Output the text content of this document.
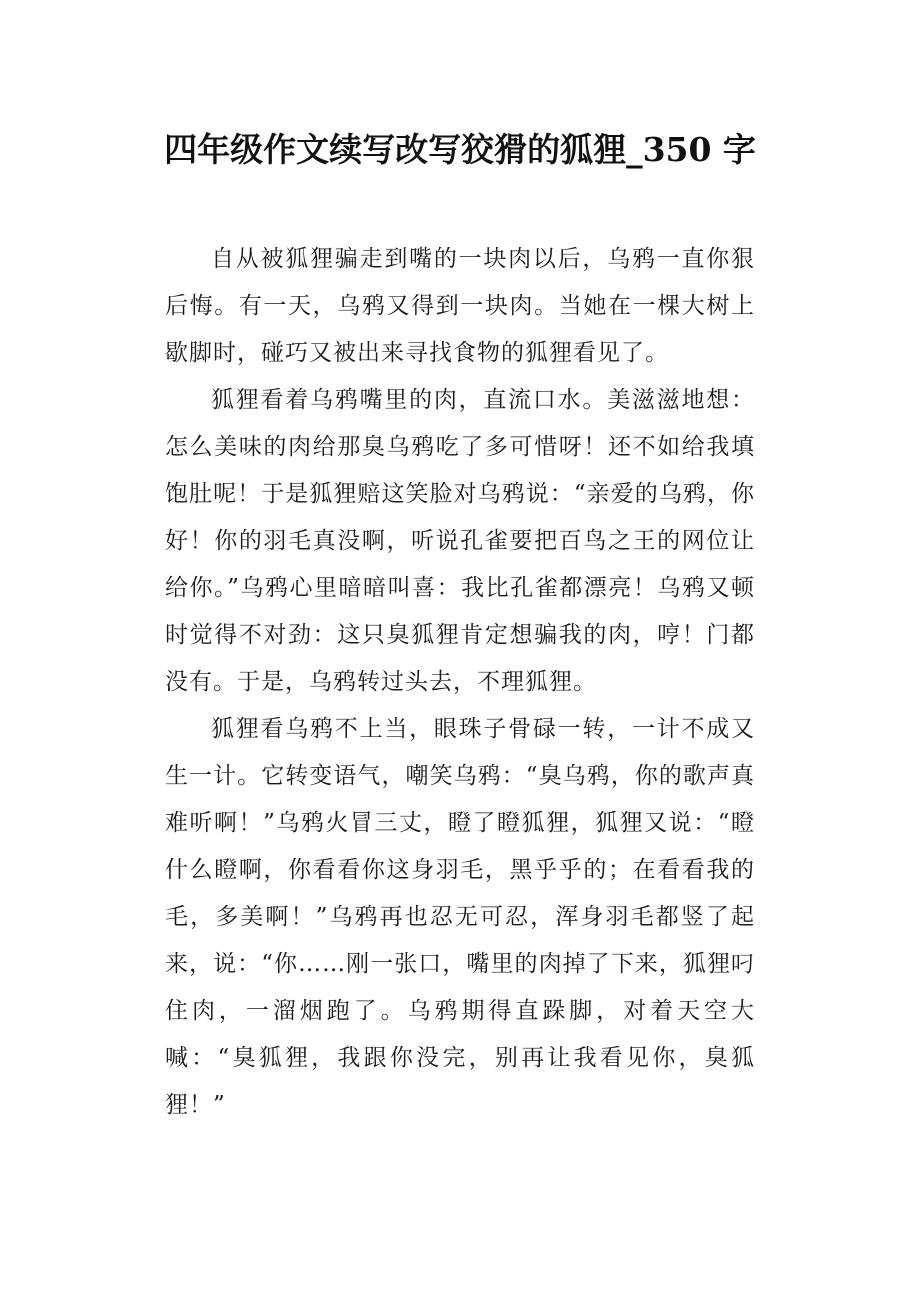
四年级作文续写改写狡猾的狐狸_350 字

自从被狐狸骗走到嘴的一块肉以后，乌鸦一直你狠后悔。有一天，乌鸦又得到一块肉。当她在一棵大树上歇脚时，碰巧又被出来寻找食物的狐狸看见了。

狐狸看着乌鸦嘴里的肉，直流口水。美滋滋地想：怎么美味的肉给那臭乌鸦吃了多可惜呀！还不如给我填饱肚呢！于是狐狸赔这笑脸对乌鸦说：“亲爱的乌鸦，你好！你的羽毛真没啊，听说孔雀要把百鸟之王的网位让给你。”乌鸦心里暗暗叫喜：我比孔雀都漂亮！乌鸦又顿时觉得不对劲：这只臭狐狸肯定想骗我的肉，哼！门都没有。于是，乌鸦转过头去，不理狐狸。

狐狸看乌鸦不上当，眼珠子骨碌一转，一计不成又生一计。它转变语气，嘲笑乌鸦：“臭乌鸦，你的歌声真难听啊！”乌鸦火冒三丈，瞪了瞪狐狸，狐狸又说：“瞪什么瞪啊，你看看你这身羽毛，黑乎乎的；在看看我的毛，多美啊！”乌鸦再也忍无可忍，浑身羽毛都竖了起来，说：“你……刚一张口，嘴里的肉掉了下来，狐狸叼住肉，一溜烟跑了。乌鸦期得直跺脚，对着天空大喊：“臭狐狸，我跟你没完，别再让我看见你，臭狐狸！”
